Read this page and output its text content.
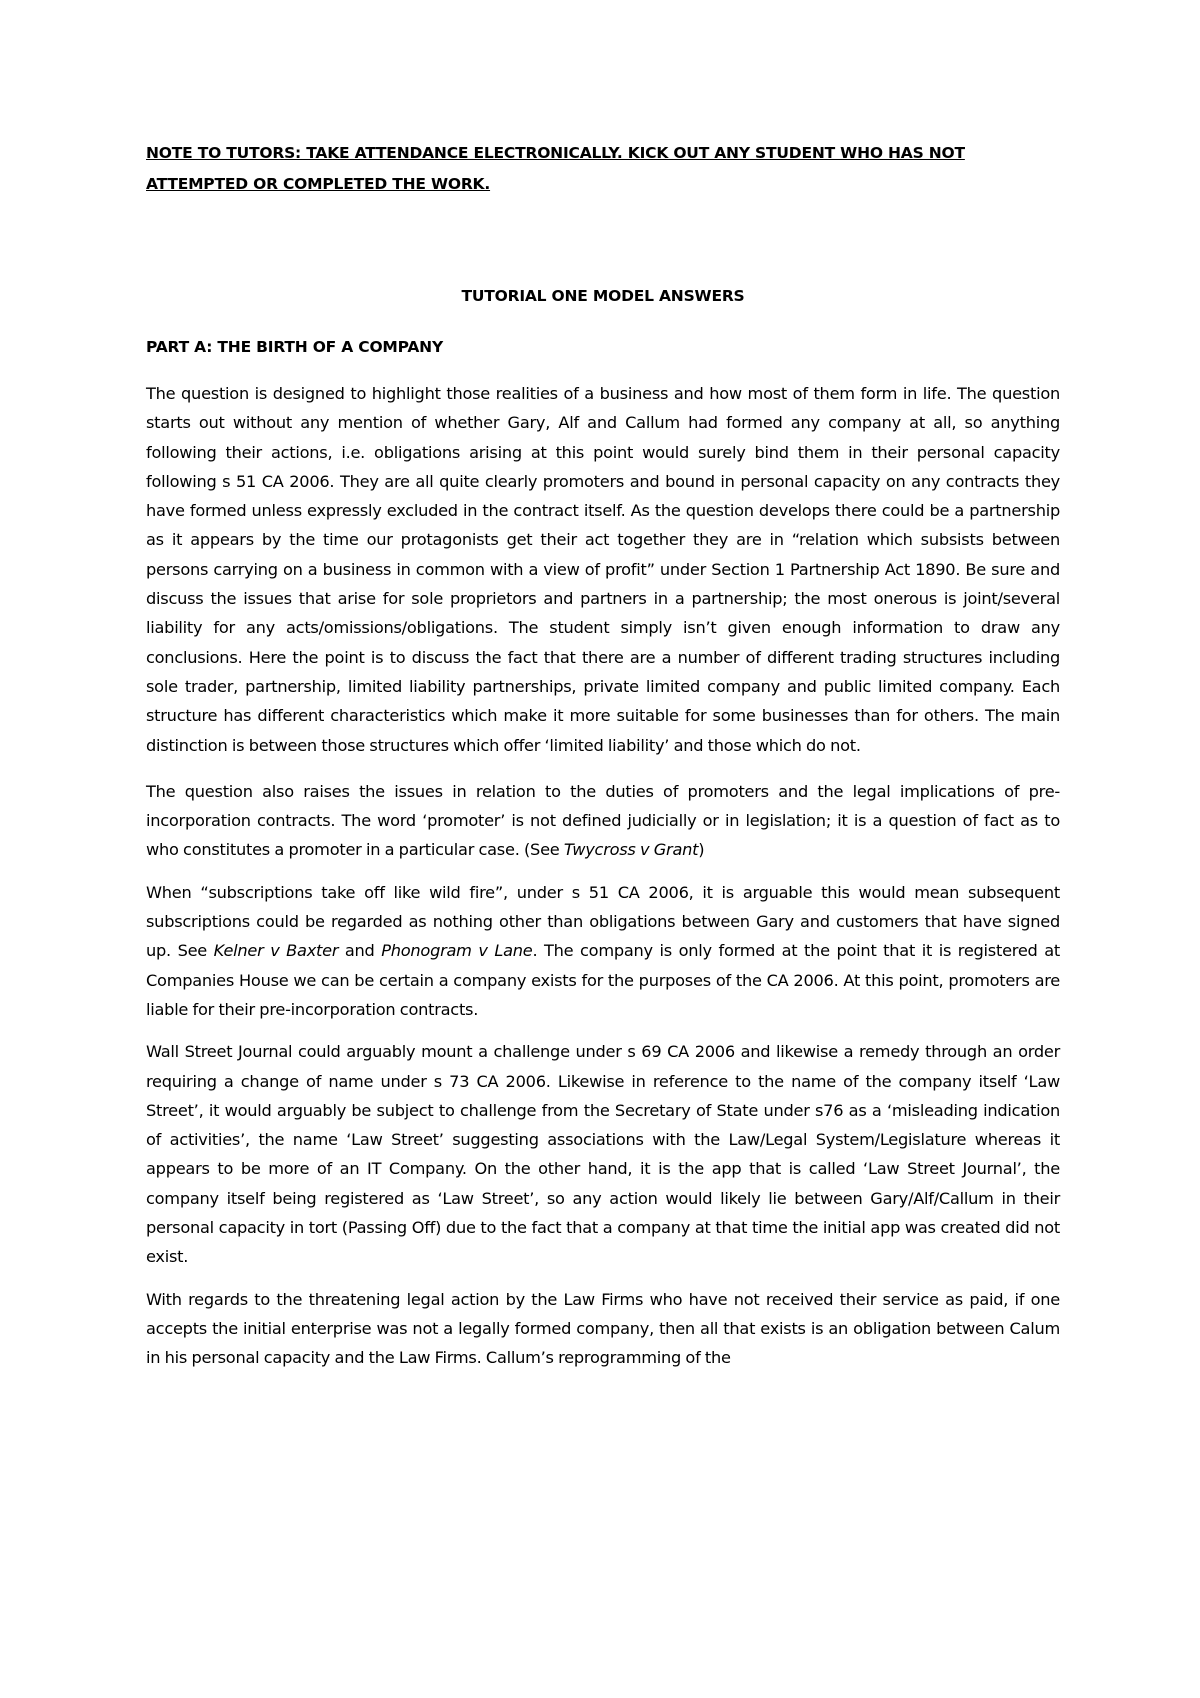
NOTE TO TUTORS: TAKE ATTENDANCE ELECTRONICALLY. KICK OUT ANY STUDENT WHO HAS NOT ATTEMPTED OR COMPLETED THE WORK.

TUTORIAL ONE MODEL ANSWERS

PART A: THE BIRTH OF A COMPANY

The question is designed to highlight those realities of a business and how most of them form in life. The question starts out without any mention of whether Gary, Alf and Callum had formed any company at all, so anything following their actions, i.e. obligations arising at this point would surely bind them in their personal capacity following s 51 CA 2006. They are all quite clearly promoters and bound in personal capacity on any contracts they have formed unless expressly excluded in the contract itself. As the question develops there could be a partnership as it appears by the time our protagonists get their act together they are in “relation which subsists between persons carrying on a business in common with a view of profit” under Section 1 Partnership Act 1890. Be sure and discuss the issues that arise for sole proprietors and partners in a partnership; the most onerous is joint/several liability for any acts/omissions/obligations. The student simply isn’t given enough information to draw any conclusions. Here the point is to discuss the fact that there are a number of different trading structures including sole trader, partnership, limited liability partnerships, private limited company and public limited company. Each structure has different characteristics which make it more suitable for some businesses than for others. The main distinction is between those structures which offer ‘limited liability’ and those which do not.

The question also raises the issues in relation to the duties of promoters and the legal implications of pre-incorporation contracts. The word ‘promoter’ is not defined judicially or in legislation; it is a question of fact as to who constitutes a promoter in a particular case. (See Twycross v Grant)

When “subscriptions take off like wild fire”, under s 51 CA 2006, it is arguable this would mean subsequent subscriptions could be regarded as nothing other than obligations between Gary and customers that have signed up. See Kelner v Baxter and Phonogram v Lane. The company is only formed at the point that it is registered at Companies House we can be certain a company exists for the purposes of the CA 2006. At this point, promoters are liable for their pre-incorporation contracts.

Wall Street Journal could arguably mount a challenge under s 69 CA 2006 and likewise a remedy through an order requiring a change of name under s 73 CA 2006. Likewise in reference to the name of the company itself ‘Law Street’, it would arguably be subject to challenge from the Secretary of State under s76 as a ‘misleading indication of activities’, the name ‘Law Street’ suggesting associations with the Law/Legal System/Legislature whereas it appears to be more of an IT Company. On the other hand, it is the app that is called ‘Law Street Journal’, the company itself being registered as ‘Law Street’, so any action would likely lie between Gary/Alf/Callum in their personal capacity in tort (Passing Off) due to the fact that a company at that time the initial app was created did not exist.

With regards to the threatening legal action by the Law Firms who have not received their service as paid, if one accepts the initial enterprise was not a legally formed company, then all that exists is an obligation between Calum in his personal capacity and the Law Firms. Callum’s reprogramming of the
